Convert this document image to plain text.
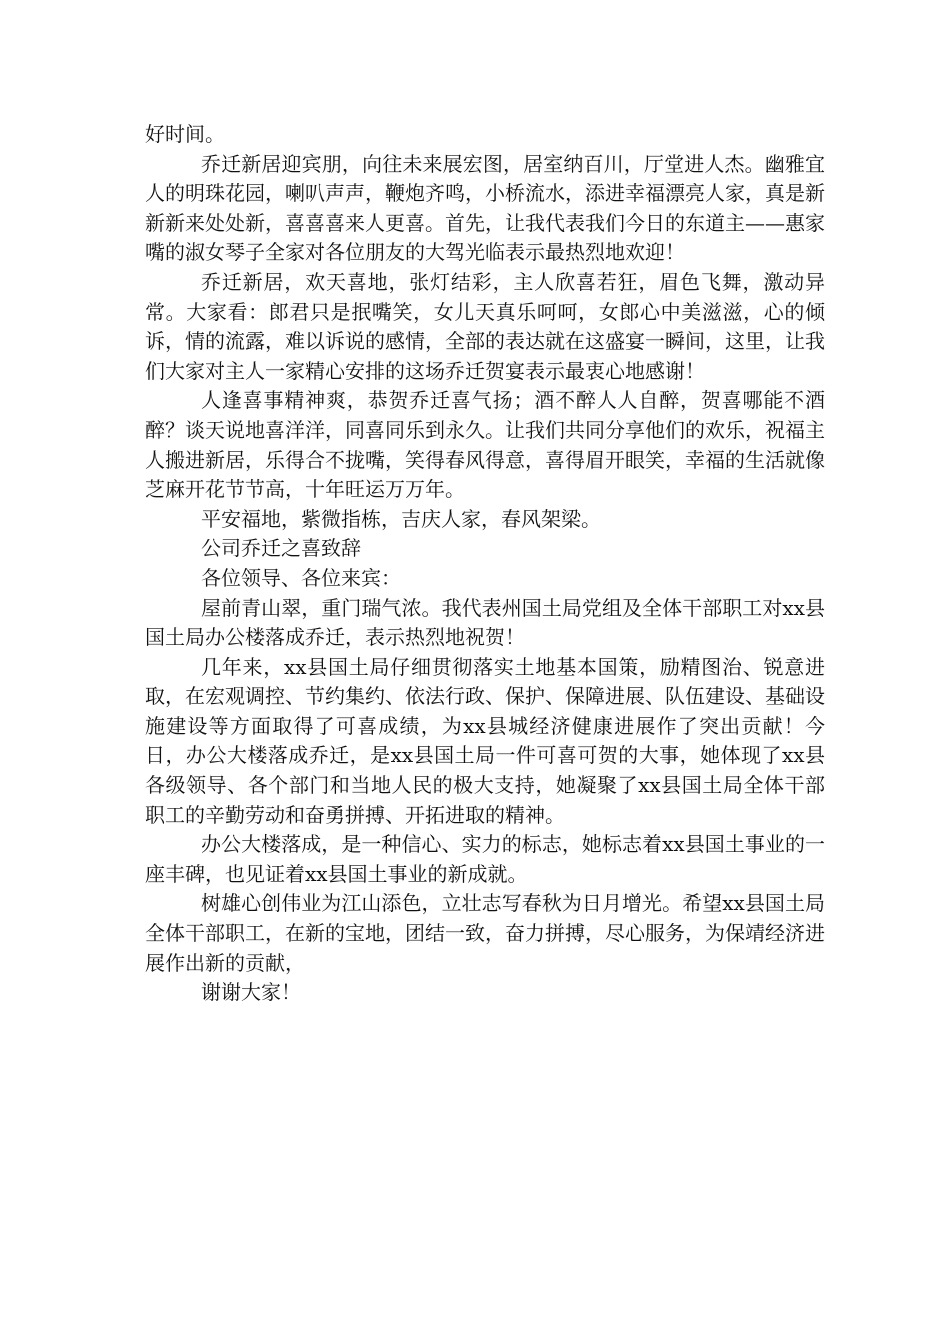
好时间。

乔迁新居迎宾朋，向往未来展宏图，居室纳百川，厅堂进人杰。幽雅宜人的明珠花园，喇叭声声，鞭炮齐鸣，小桥流水，添进幸福漂亮人家，真是新新新来处处新，喜喜喜来人更喜。首先，让我代表我们今日的东道主——惠家嘴的淑女琴子全家对各位朋友的大驾光临表示最热烈地欢迎！

乔迁新居，欢天喜地，张灯结彩，主人欣喜若狂，眉色飞舞，激动异常。大家看：郎君只是抿嘴笑，女儿天真乐呵呵，女郎心中美滋滋，心的倾诉，情的流露，难以诉说的感情，全部的表达就在这盛宴一瞬间，这里，让我们大家对主人一家精心安排的这场乔迁贺宴表示最衷心地感谢！

人逢喜事精神爽，恭贺乔迁喜气扬；酒不醉人人自醉，贺喜哪能不酒醉？谈天说地喜洋洋，同喜同乐到永久。让我们共同分享他们的欢乐，祝福主人搬进新居，乐得合不拢嘴，笑得春风得意，喜得眉开眼笑，幸福的生活就像芝麻开花节节高，十年旺运万万年。

平安福地，紫微指栋，吉庆人家，春风架梁。

公司乔迁之喜致辞

各位领导、各位来宾：

屋前青山翠，重门瑞气浓。我代表州国土局党组及全体干部职工对xx县国土局办公楼落成乔迁，表示热烈地祝贺！

几年来，xx县国土局仔细贯彻落实土地基本国策，励精图治、锐意进取，在宏观调控、节约集约、依法行政、保护、保障进展、队伍建设、基础设施建设等方面取得了可喜成绩，为xx县城经济健康进展作了突出贡献！今日，办公大楼落成乔迁，是xx县国土局一件可喜可贺的大事，她体现了xx县各级领导、各个部门和当地人民的极大支持，她凝聚了xx县国土局全体干部职工的辛勤劳动和奋勇拼搏、开拓进取的精神。

办公大楼落成，是一种信心、实力的标志，她标志着xx县国土事业的一座丰碑，也见证着xx县国土事业的新成就。

树雄心创伟业为江山添色，立壮志写春秋为日月增光。希望xx县国土局全体干部职工，在新的宝地，团结一致，奋力拼搏，尽心服务，为保靖经济进展作出新的贡献，

谢谢大家！
